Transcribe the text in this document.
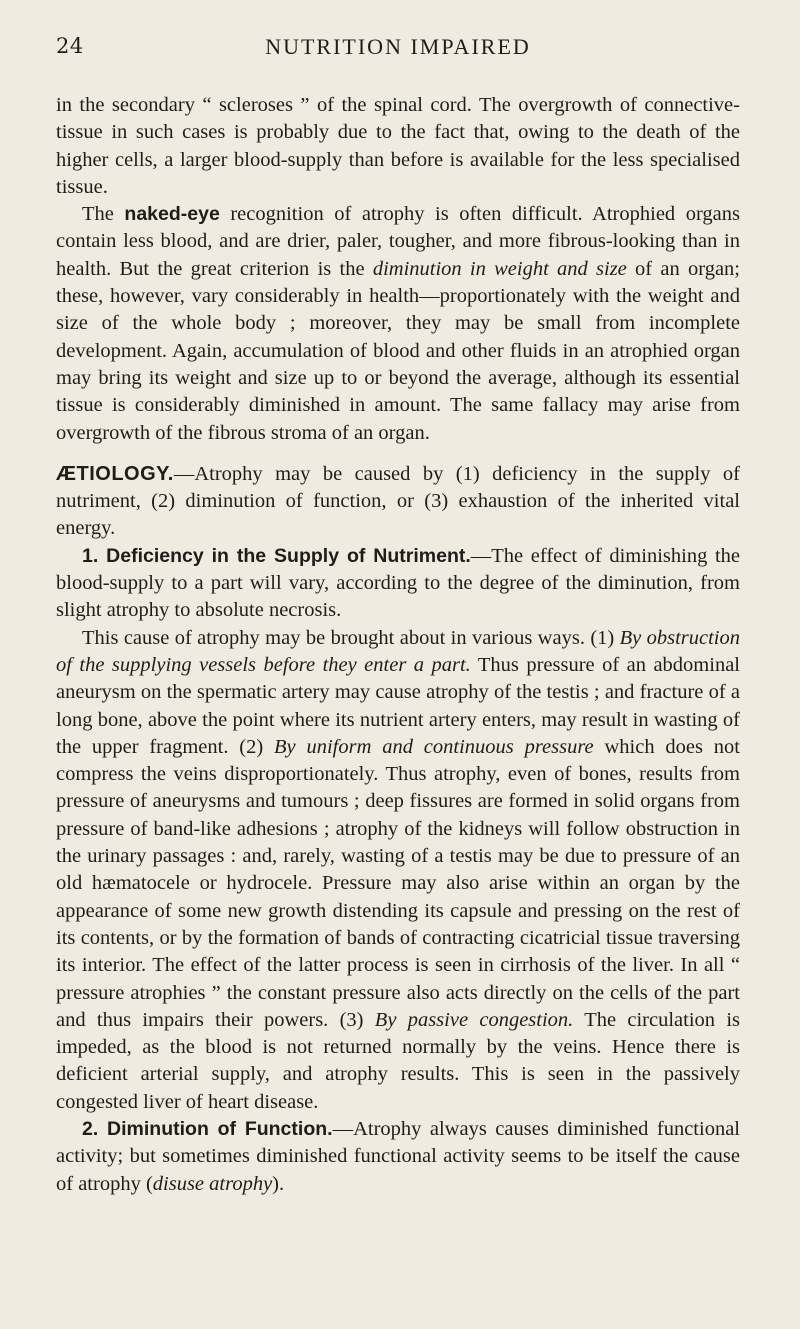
24	NUTRITION IMPAIRED

in the secondary “ scleroses ” of the spinal cord. The overgrowth of connective-tissue in such cases is probably due to the fact that, owing to the death of the higher cells, a larger blood-supply than before is available for the less specialised tissue.

The naked-eye recognition of atrophy is often difficult. Atrophied organs contain less blood, and are drier, paler, tougher, and more fibrous-looking than in health. But the great criterion is the diminution in weight and size of an organ; these, however, vary considerably in health—proportionately with the weight and size of the whole body ; moreover, they may be small from incomplete development. Again, accumulation of blood and other fluids in an atrophied organ may bring its weight and size up to or beyond the average, although its essential tissue is considerably diminished in amount. The same fallacy may arise from overgrowth of the fibrous stroma of an organ.

ÆTIOLOGY.—Atrophy may be caused by (1) deficiency in the supply of nutriment, (2) diminution of function, or (3) exhaustion of the inherited vital energy.

1. Deficiency in the Supply of Nutriment.—The effect of diminishing the blood-supply to a part will vary, according to the degree of the diminution, from slight atrophy to absolute necrosis.

This cause of atrophy may be brought about in various ways. (1) By obstruction of the supplying vessels before they enter a part. Thus pressure of an abdominal aneurysm on the spermatic artery may cause atrophy of the testis ; and fracture of a long bone, above the point where its nutrient artery enters, may result in wasting of the upper fragment. (2) By uniform and continuous pressure which does not compress the veins disproportionately. Thus atrophy, even of bones, results from pressure of aneurysms and tumours ; deep fissures are formed in solid organs from pressure of band-like adhesions ; atrophy of the kidneys will follow obstruction in the urinary passages : and, rarely, wasting of a testis may be due to pressure of an old hæmatocele or hydrocele. Pressure may also arise within an organ by the appearance of some new growth distending its capsule and pressing on the rest of its contents, or by the formation of bands of contracting cicatricial tissue traversing its interior. The effect of the latter process is seen in cirrhosis of the liver. In all “ pressure atrophies ” the constant pressure also acts directly on the cells of the part and thus impairs their powers. (3) By passive congestion. The circulation is impeded, as the blood is not returned normally by the veins. Hence there is deficient arterial supply, and atrophy results. This is seen in the passively congested liver of heart disease.

2. Diminution of Function.—Atrophy always causes diminished functional activity; but sometimes diminished functional activity seems to be itself the cause of atrophy (disuse atrophy).
